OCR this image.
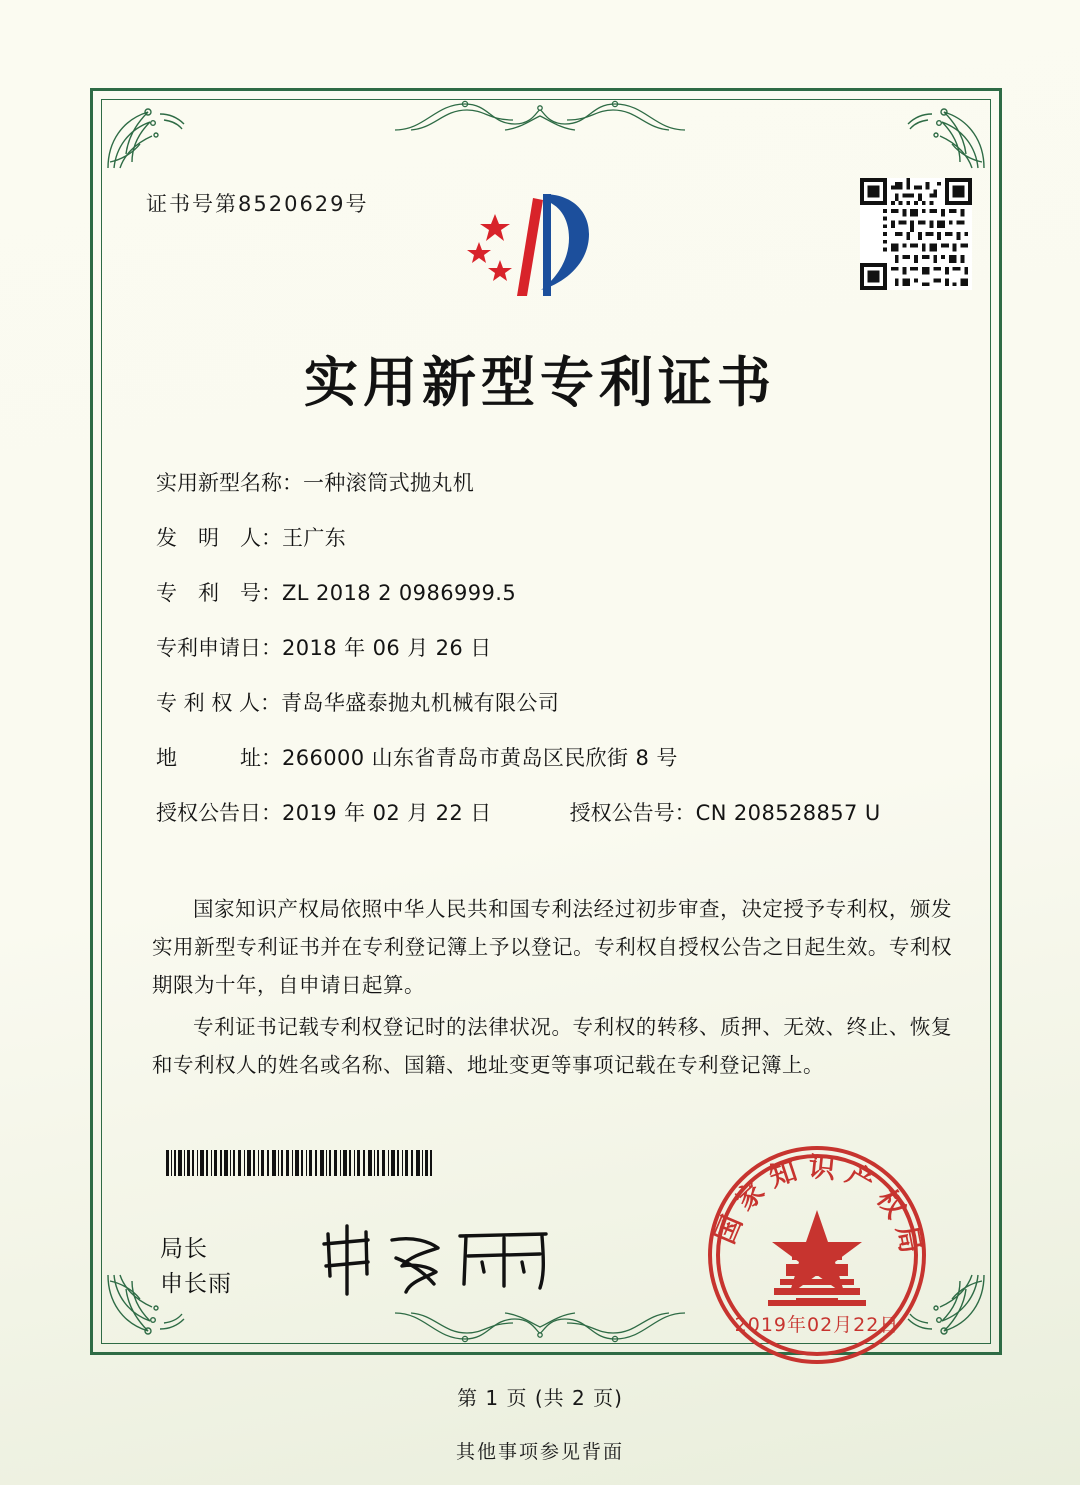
证书号第8520629号
实用新型专利证书
实用新型名称： 一种滚筒式抛丸机
发　明　人： 王广东
专　利　号： ZL 2018 2 0986999.5
专利申请日： 2018 年 06 月 26 日
专 利 权 人： 青岛华盛泰抛丸机械有限公司
地　　　址： 266000 山东省青岛市黄岛区民欣街 8 号
授权公告日： 2019 年 02 月 22 日	授权公告号： CN 208528857 U

国家知识产权局依照中华人民共和国专利法经过初步审查，决定授予专利权，颁发实用新型专利证书并在专利登记簿上予以登记。专利权自授权公告之日起生效。专利权期限为十年，自申请日起算。

专利证书记载专利权登记时的法律状况。专利权的转移、质押、无效、终止、恢复和专利权人的姓名或名称、国籍、地址变更等事项记载在专利登记簿上。

局长
申长雨
国家知识产权局
2019年02月22日
第 1 页 (共 2 页)
其他事项参见背面
